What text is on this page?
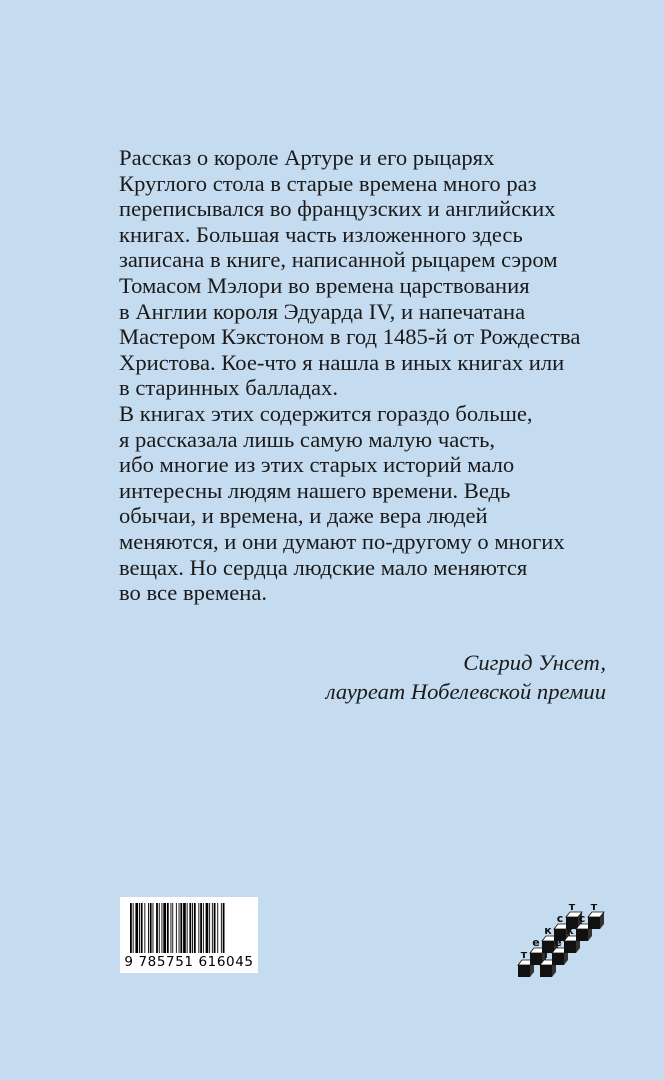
Рассказ о короле Артуре и его рыцарях
Круглого стола в старые времена много раз
переписывался во французских и английских
книгах. Большая часть изложенного здесь
записана в книге, написанной рыцарем сэром
Томасом Мэлори во времена царствования
в Англии короля Эдуарда IV, и напечатана
Мастером Кэкстоном в год 1485-й от Рождества
Христова. Кое-что я нашла в иных книгах или
в старинных балладах.
В книгах этих содержится гораздо больше,
я рассказала лишь самую малую часть,
ибо многие из этих старых историй мало
интересны людям нашего времени. Ведь
обычаи, и времена, и даже вера людей
меняются, и они думают по-другому о многих
вещах. Но сердца людские мало меняются
во все времена.
Сигрид Унсет,
лауреат Нобелевской премии
9 785751 616045	т
е
к
с
т
т
е
к
с
т
